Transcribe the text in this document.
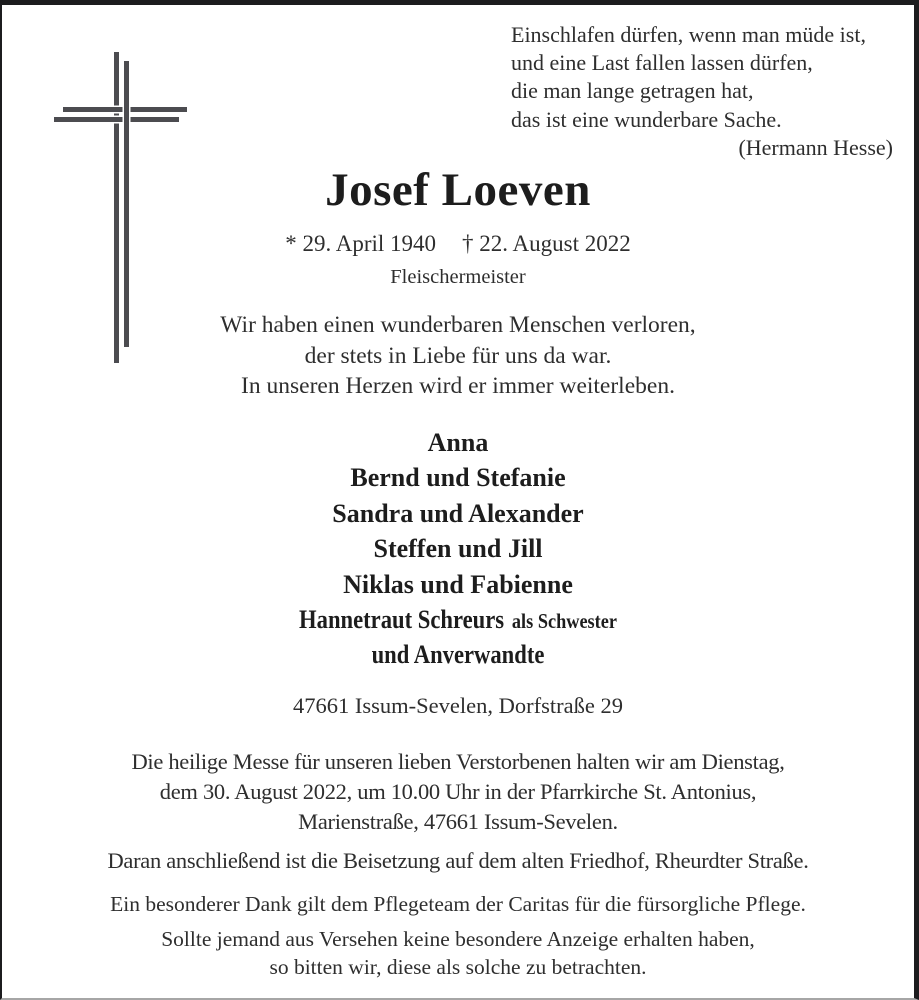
Einschlafen dürfen, wenn man müde ist,
und eine Last fallen lassen dürfen,
die man lange getragen hat,
das ist eine wunderbare Sache.
(Hermann Hesse)
Josef Loeven
* 29. April 1940 † 22. August 2022
Fleischermeister
Wir haben einen wunderbaren Menschen verloren,
der stets in Liebe für uns da war.
In unseren Herzen wird er immer weiterleben.
Anna
Bernd und Stefanie
Sandra und Alexander
Steffen und Jill
Niklas und Fabienne
Hannetraut Schreurs als Schwester
und Anverwandte
47661 Issum-Sevelen, Dorfstraße 29
Die heilige Messe für unseren lieben Verstorbenen halten wir am Dienstag,
dem 30. August 2022, um 10.00 Uhr in der Pfarrkirche St. Antonius,
Marienstraße, 47661 Issum-Sevelen.
Daran anschließend ist die Beisetzung auf dem alten Friedhof, Rheurdter Straße.
Ein besonderer Dank gilt dem Pflegeteam der Caritas für die fürsorgliche Pflege.
Sollte jemand aus Versehen keine besondere Anzeige erhalten haben,
so bitten wir, diese als solche zu betrachten.
